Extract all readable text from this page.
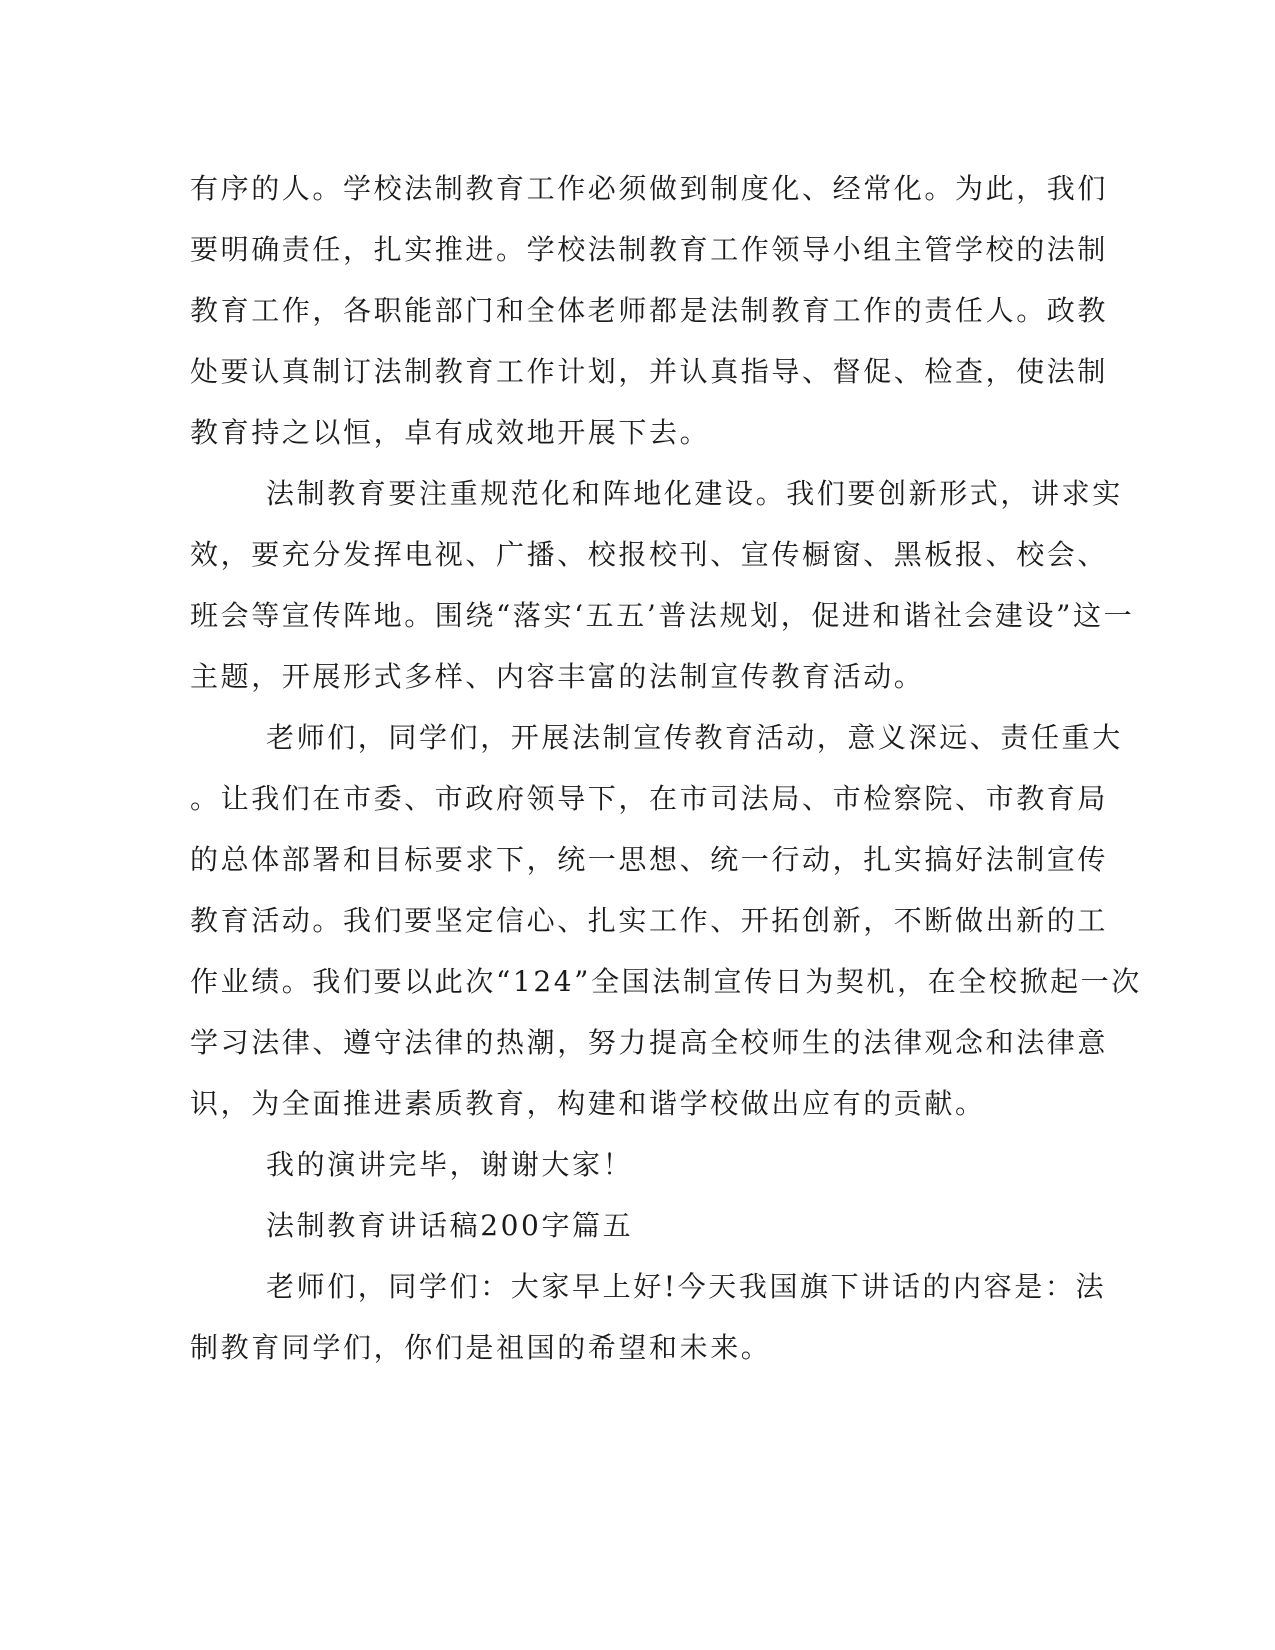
有序的人。学校法制教育工作必须做到制度化、经常化。为此，我们
要明确责任，扎实推进。学校法制教育工作领导小组主管学校的法制
教育工作，各职能部门和全体老师都是法制教育工作的责任人。政教
处要认真制订法制教育工作计划，并认真指导、督促、检查，使法制
教育持之以恒，卓有成效地开展下去。
法制教育要注重规范化和阵地化建设。我们要创新形式，讲求实
效，要充分发挥电视、广播、校报校刊、宣传橱窗、黑板报、校会、
班会等宣传阵地。围绕“落实‘五五’普法规划，促进和谐社会建设”这一
主题，开展形式多样、内容丰富的法制宣传教育活动。
老师们，同学们，开展法制宣传教育活动，意义深远、责任重大
。让我们在市委、市政府领导下，在市司法局、市检察院、市教育局
的总体部署和目标要求下，统一思想、统一行动，扎实搞好法制宣传
教育活动。我们要坚定信心、扎实工作、开拓创新，不断做出新的工
作业绩。我们要以此次“124”全国法制宣传日为契机，在全校掀起一次
学习法律、遵守法律的热潮，努力提高全校师生的法律观念和法律意
识，为全面推进素质教育，构建和谐学校做出应有的贡献。
我的演讲完毕，谢谢大家！
法制教育讲话稿200字篇五
老师们，同学们：大家早上好!今天我国旗下讲话的内容是：法
制教育同学们，你们是祖国的希望和未来。
